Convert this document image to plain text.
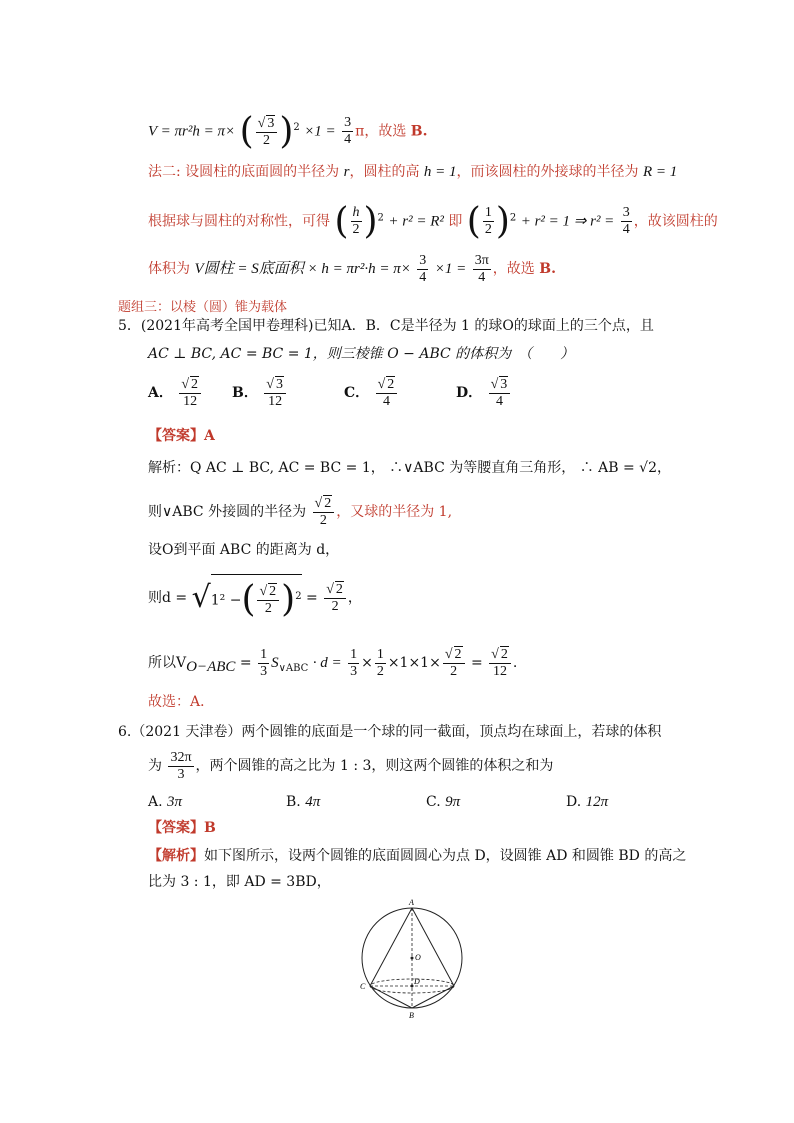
V = πr²h = π× ( $\frac{√ 3}{2} )^2 \times 1 = \frac{3}{4}$ π，故选 B.
法二: 设圆柱的底面圆的半径为 r，圆柱的高 h = 1，而该圆柱的外接球的半径为 R = 1
根据球与圆柱的对称性，可得 ( $\frac{h}{2} )^2 + r^2 = R^2$ 即 ( $\frac{1}{2} )^2 + r^2 = 1$ ⇒ $r^2 = \frac{3}{4}$ ，故该圆柱的
体积为 V圆柱 = S底面积 × $h = \pi r^2\cdot h = \pi\times \frac{3}{4} \times 1 = \frac{3\pi}{4}$ ，故选 B.
题组三：以棱（圆）锥为载体
5．(2021年高考全国甲卷理科)已知A．B．C是半径为 1 的球O的球面上的三个点，且
AC ⊥ BC, AC = BC = 1，则三棱锥 O − ABC 的体积为　（　　）
A． $\frac{√ 2}{12}$ B． $\frac{√ 3}{12}$	C． $\frac{√ 2}{4}$	D． $\frac{√ 3}{4}$
【答案】A
解析：Q AC ⊥ BC, AC = BC = 1， ∴∨ABC 为等腰直角三角形， ∴ AB = √2，
则∨ABC 外接圆的半径为 $\frac{√ 2}{2}$ ，又球的半径为 1,
设O到平面 ABC 的距离为 d，
则d = √1² −( $\frac{√ 2}{2} )^2 = \frac{√ 2}{2}$ ，
所以$V_{O-ABC} = \frac{1}{3} S_{\vee ABC} \cdot d = \frac{1}{3} \times \frac{1}{2} \times 1\times 1\times \frac{√ 2}{2} = \frac{√ 2}{12}$ .
故选：A．
6.（2021 天津卷）两个圆锥的底面是一个球的同一截面，顶点均在球面上，若球的体积
为 $\frac{32\pi}{3}$ ，两个圆锥的高之比为 1 : 3，则这两个圆锥的体积之和为
A. 3π	B. 4π	C. 9π	D. 12π
【答案】B
【解析】如下图所示，设两个圆锥的底面圆圆心为点 D，设圆锥 AD 和圆锥 BD 的高之
比为 3 : 1，即 AD = 3BD，
A
O
C
D
B
